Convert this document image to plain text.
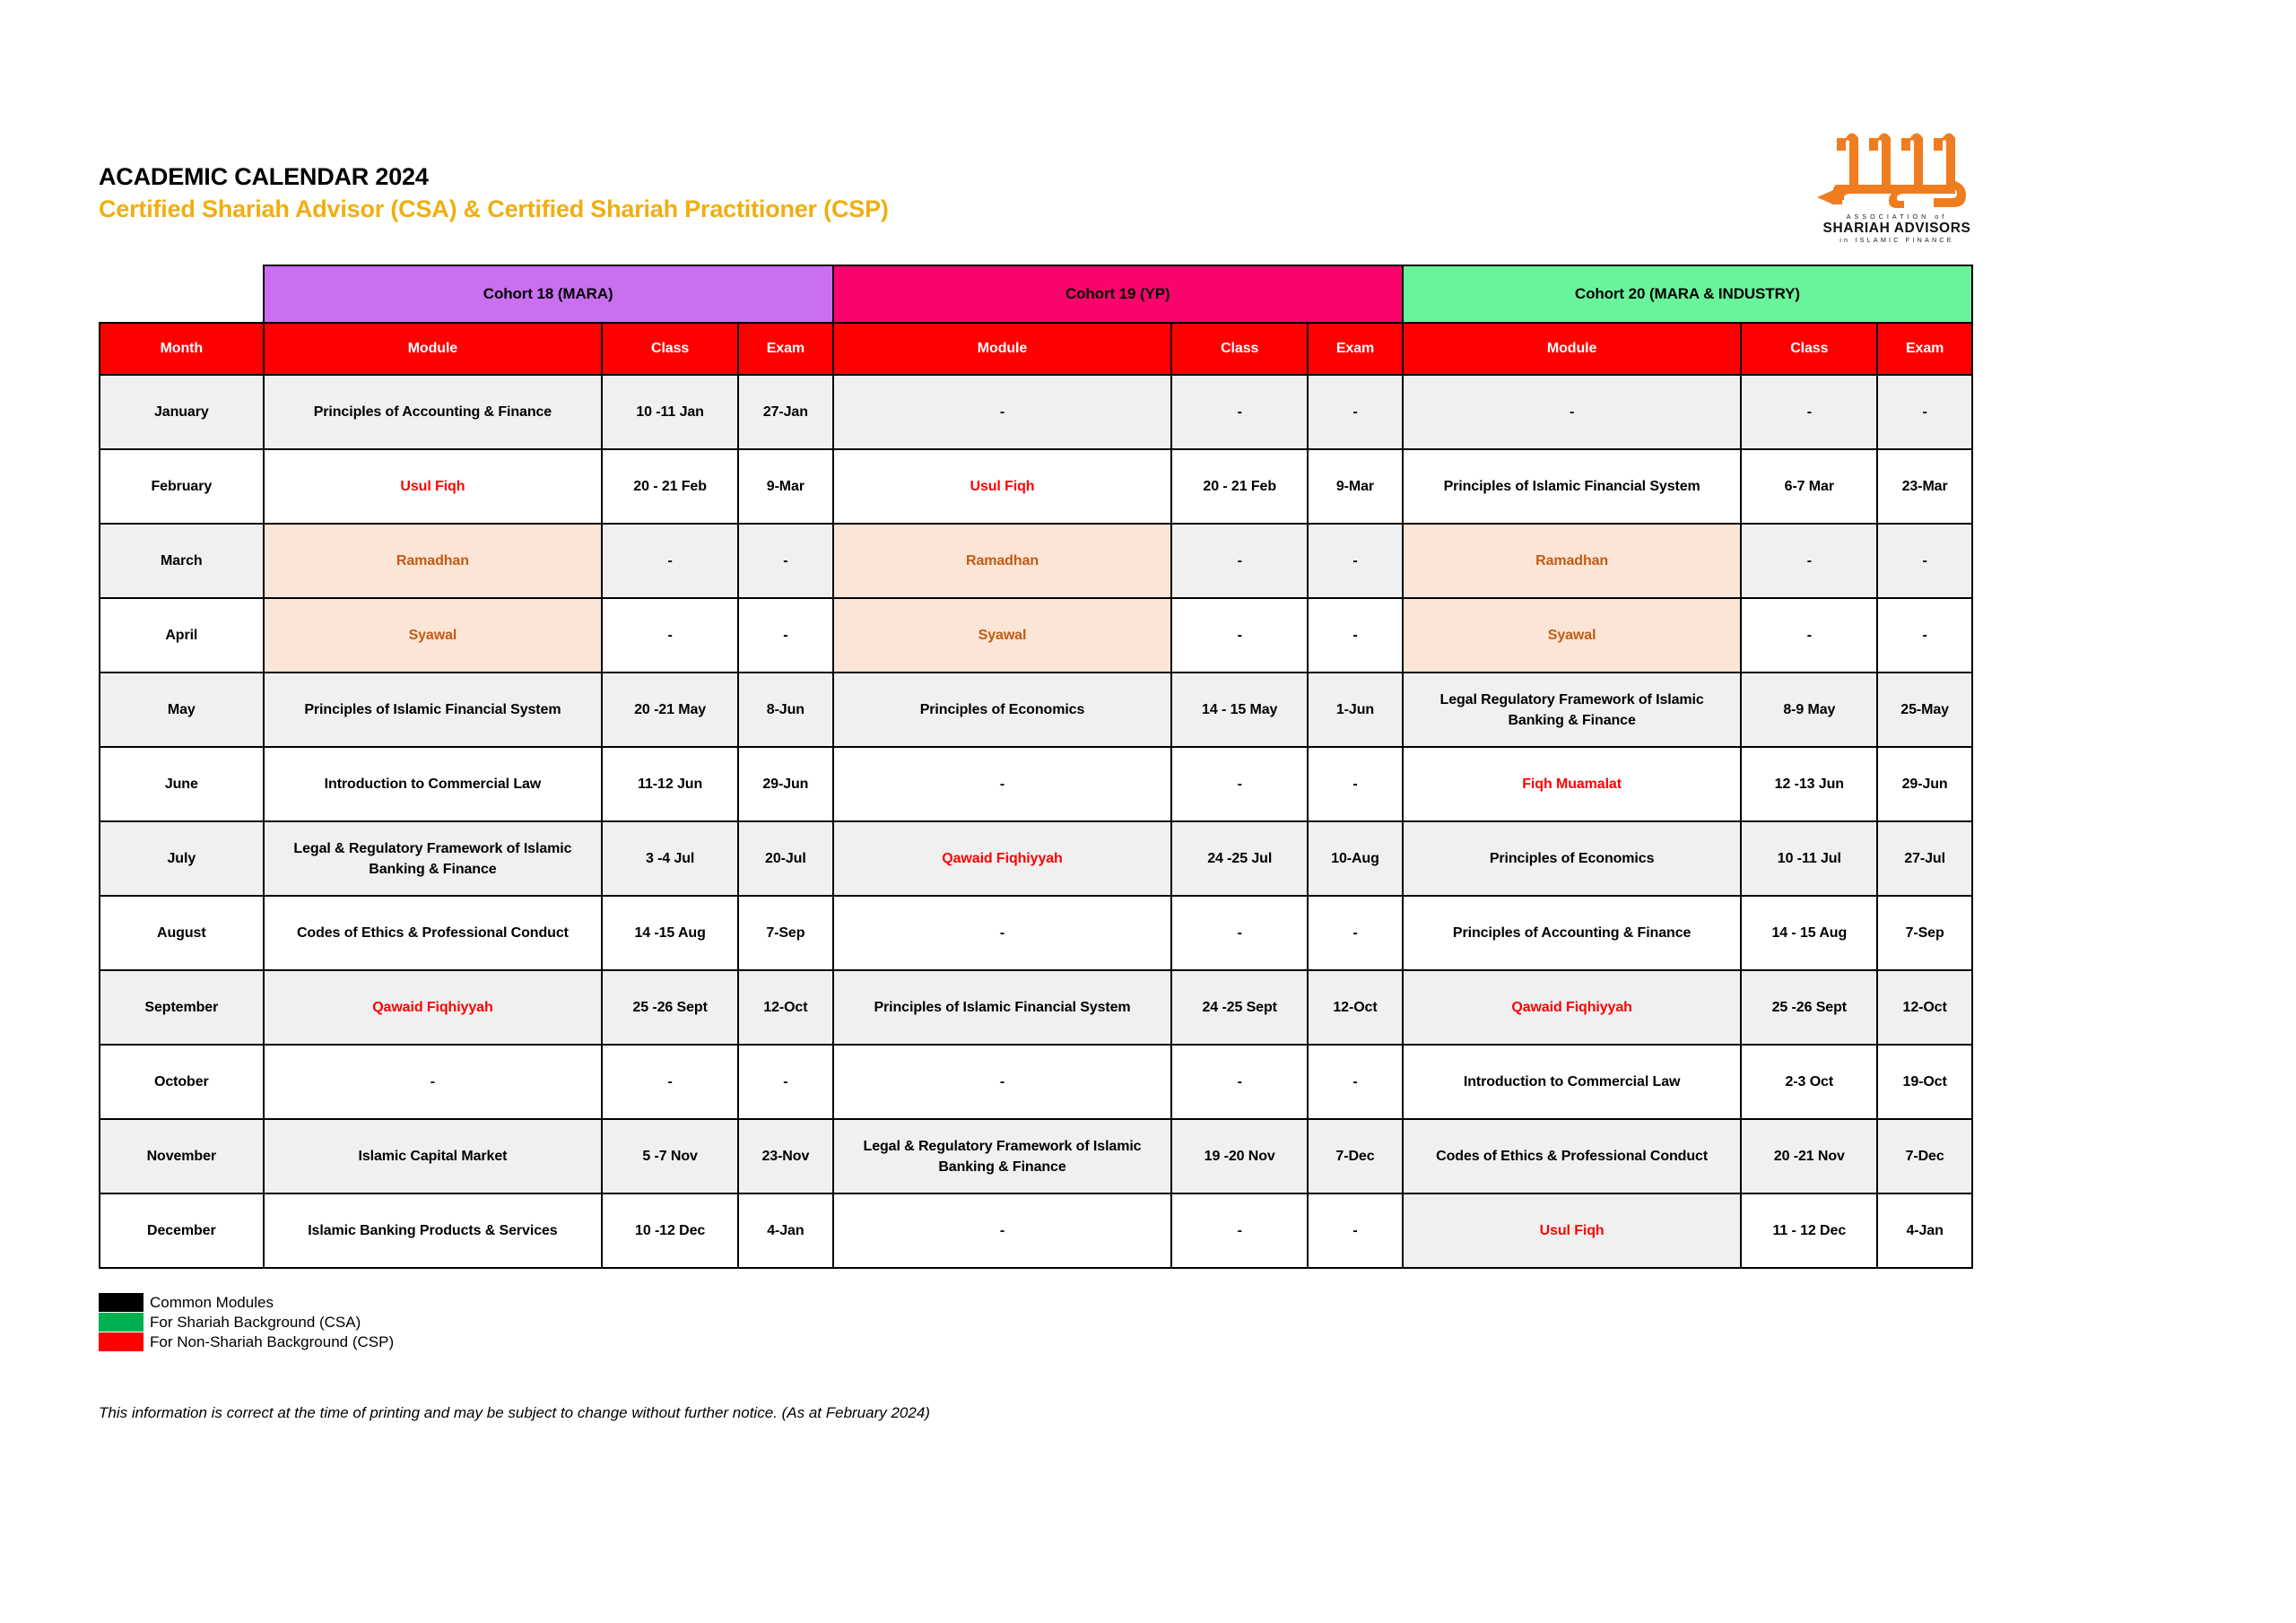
ACADEMIC CALENDAR 2024
Certified Shariah Advisor (CSA) & Certified Shariah Practitioner (CSP)	ASSOCIATION of
SHARIAH ADVISORS
in ISLAMIC FINANCE
	Cohort 18 (MARA)			Cohort 19 (YP)			Cohort 20 (MARA & INDUSTRY)		
Month	Module	Class	Exam	Module	Class	Exam	Module	Class	Exam
January	Principles of Accounting & Finance	10 -11 Jan	27-Jan	-	-	-	-	-	-
February	Usul Fiqh	20 - 21 Feb	9-Mar	Usul Fiqh	20 - 21 Feb	9-Mar	Principles of Islamic Financial System	6-7 Mar	23-Mar
March	Ramadhan	-	-	Ramadhan	-	-	Ramadhan	-	-
April	Syawal	-	-	Syawal	-	-	Syawal	-	-
May	Principles of Islamic Financial System	20 -21 May	8-Jun	Principles of Economics	14 - 15 May	1-Jun	Legal Regulatory Framework of Islamic Banking & Finance	8-9 May	25-May
June	Introduction to Commercial Law	11-12 Jun	29-Jun	-	-	-	Fiqh Muamalat	12 -13 Jun	29-Jun
July	Legal & Regulatory Framework of Islamic Banking & Finance	3 -4 Jul	20-Jul	Qawaid Fiqhiyyah	24 -25 Jul	10-Aug	Principles of Economics	10 -11 Jul	27-Jul
August	Codes of Ethics & Professional Conduct	14 -15 Aug	7-Sep	-	-	-	Principles of Accounting & Finance	14 - 15 Aug	7-Sep
September	Qawaid Fiqhiyyah	25 -26 Sept	12-Oct	Principles of Islamic Financial System	24 -25 Sept	12-Oct	Qawaid Fiqhiyyah	25 -26 Sept	12-Oct
October	-	-	-	-	-	-	Introduction to Commercial Law	2-3 Oct	19-Oct
November	Islamic Capital Market	5 -7 Nov	23-Nov	Legal & Regulatory Framework of Islamic Banking & Finance	19 -20 Nov	7-Dec	Codes of Ethics & Professional Conduct	20 -21 Nov	7-Dec
December	Islamic Banking Products & Services	10 -12 Dec	4-Jan	-	-	-	Usul Fiqh	11 - 12 Dec	4-Jan
Common Modules
For Shariah Background (CSA)
For Non-Shariah Background (CSP)
This information is correct at the time of printing and may be subject to change without further notice. (As at February 2024)
